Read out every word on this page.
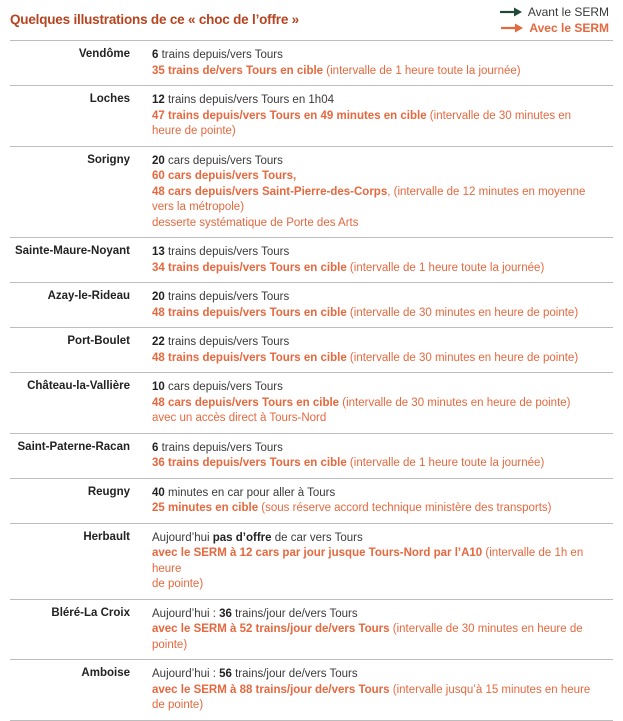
Quelques illustrations de ce « choc de l’offre »	Avant le SERM
Avec le SERM
Vendôme	6 trains depuis/vers Tours
35 trains de/vers Tours en cible (intervalle de 1 heure toute la journée)
Loches	12 trains depuis/vers Tours en 1h04
47 trains depuis/vers Tours en 49 minutes en cible (intervalle de 30 minutes en
heure de pointe)
Sorigny	20 cars depuis/vers Tours
60 cars depuis/vers Tours,
48 cars depuis/vers Saint-Pierre-des-Corps, (intervalle de 12 minutes en moyenne
vers la métropole)
desserte systématique de Porte des Arts
Sainte-Maure-Noyant	13 trains depuis/vers Tours
34 trains depuis/vers Tours en cible (intervalle de 1 heure toute la journée)
Azay-le-Rideau	20 trains depuis/vers Tours
48 trains depuis/vers Tours en cible (intervalle de 30 minutes en heure de pointe)
Port-Boulet	22 trains depuis/vers Tours
48 trains depuis/vers Tours en cible (intervalle de 30 minutes en heure de pointe)
Château-la-Vallière	10 cars depuis/vers Tours
48 cars depuis/vers Tours en cible (intervalle de 30 minutes en heure de pointe)
avec un accès direct à Tours-Nord
Saint-Paterne-Racan	6 trains depuis/vers Tours
36 trains depuis/vers Tours en cible (intervalle de 1 heure toute la journée)
Reugny	40 minutes en car pour aller à Tours
25 minutes en cible (sous réserve accord technique ministère des transports)
Herbault	Aujourd’hui pas d’offre de car vers Tours
avec le SERM à 12 cars par jour jusque Tours-Nord par l’A10 (intervalle de 1h en heure
de pointe)
Bléré-La Croix	Aujourd’hui : 36 trains/jour de/vers Tours
avec le SERM à 52 trains/jour de/vers Tours (intervalle de 30 minutes en heure de
pointe)
Amboise	Aujourd’hui : 56 trains/jour de/vers Tours
avec le SERM à 88 trains/jour de/vers Tours (intervalle jusqu’à 15 minutes en heure
de pointe)
